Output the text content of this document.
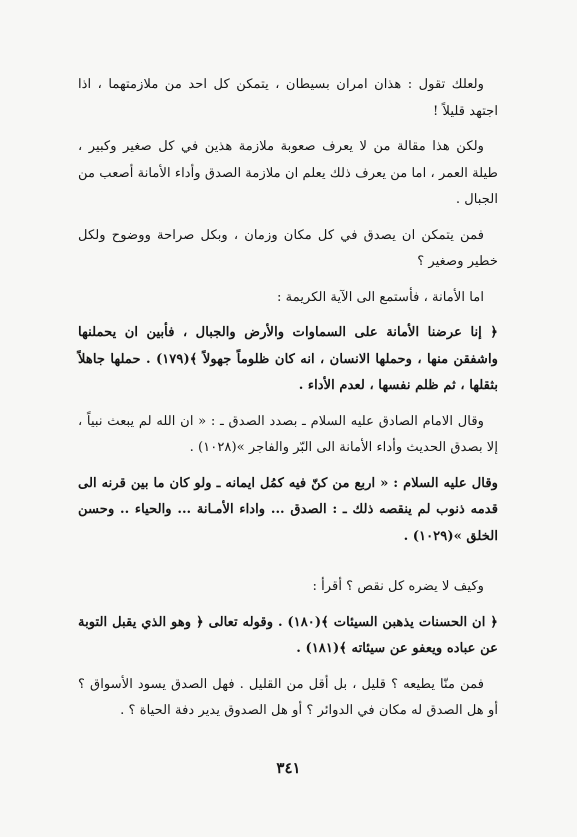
ولعلك تقول : هذان امران بسيطان ، يتمكن كل احد من ملازمتهما ، اذا اجتهد قليلاً !

ولكن هذا مقالة من لا يعرف صعوبة ملازمة هذين في كل صغير وكبير ، طيلة العمر ، اما من يعرف ذلك يعلم ان ملازمة الصدق وأداء الأمانة أصعب من الجبال .

فمن يتمكن ان يصدق في كل مكان وزمان ، وبكل صراحة ووضوح ولكل خطير وصغير ؟

اما الأمانة ، فأستمع الى الآية الكريمة :

﴿ إنا عرضنا الأمانة على السماوات والأرض والجبال ، فأبين ان يحملنها واشفقن منها ، وحملها الانسان ، انه كان ظلوماً جهولاً ﴾(١٧٩) . حملها جاهلاً بثقلها ، ثم ظلم نفسها ، لعدم الأداء .

وقال الامام الصادق عليه السلام ـ بصدد الصدق ـ : « ان الله لم يبعث نبياً ، إلا بصدق الحديث وأداء الأمانة الى البّر والفاجر »(١٠٢٨) .

وقال عليه السلام : « اربع من كنّ فيه كمُل ايمانه ـ ولو كان ما بين قرنه الى قدمه ذنوب لم ينقصه ذلك ـ : الصدق ... واداء الأمـانة ... والحياء .. وحسن الخلق »(١٠٢٩) .

وكيف لا يضره كل نقص ؟ أقرأ :

﴿ ان الحسنات يذهبن السيئات ﴾(١٨٠) . وقوله تعالى ﴿ وهو الذي يقبل التوبة عن عباده ويعفو عن سيئاته ﴾(١٨١) .

فمن منّا يطيعه ؟ قليل ، بل أقل من القليل . فهل الصدق يسود الأسواق ؟ أو هل الصدق له مكان في الدوائر ؟ أو هل الصدوق يدير دفة الحياة ؟ .

٣٤١
